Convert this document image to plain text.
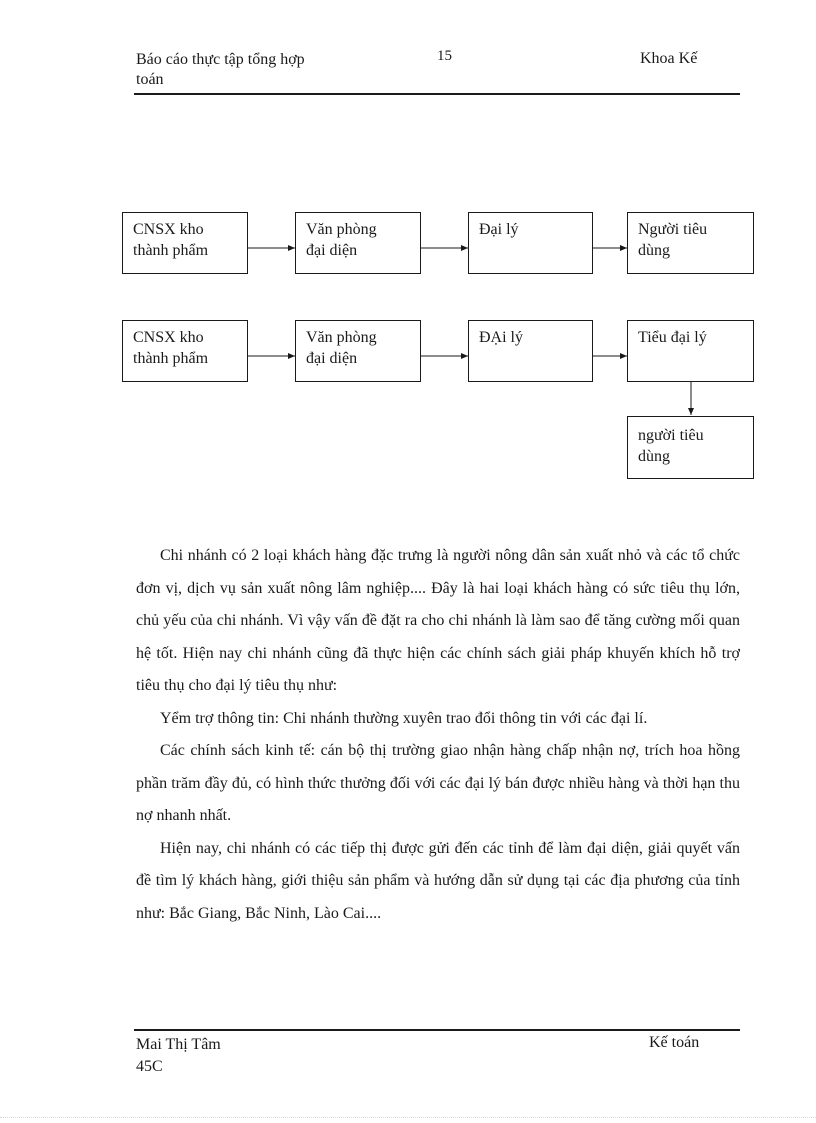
Báo cáo thực tập tổng hợp
toán
15	Khoa Kế
CNSX kho
thành phẩm
Văn phòng
đại diện
Đại lý	Người tiêu
dùng
CNSX kho
thành phẩm
Văn phòng
đại diện
ĐẠi lý	Tiểu đại lý
người tiêu
dùng

Chi nhánh có 2 loại khách hàng đặc trưng là người nông dân sản xuất nhỏ và các tổ chức đơn vị, dịch vụ sản xuất nông lâm nghiệp.... Đây là hai loại khách hàng có sức tiêu thụ lớn, chủ yếu của chi nhánh. Vì vậy vấn đề đặt ra cho chi nhánh là làm sao để tăng cường mối quan hệ tốt. Hiện nay chi nhánh cũng đã thực hiện các chính sách giải pháp khuyến khích hỗ trợ tiêu thụ cho đại lý tiêu thụ như:

Yểm trợ thông tin: Chi nhánh thường xuyên trao đổi thông tin với các đại lí.

Các chính sách kinh tế: cán bộ thị trường giao nhận hàng chấp nhận nợ, trích hoa hồng phần trăm đầy đủ, có hình thức thưởng đối với các đại lý bán được nhiều hàng và thời hạn thu nợ nhanh nhất.

Hiện nay, chi nhánh có các tiếp thị được gửi đến các tỉnh để làm đại diện, giải quyết vấn đề tìm lý khách hàng, giới thiệu sản phẩm và hướng dẫn sử dụng tại các địa phương của tỉnh như: Bắc Giang, Bắc Ninh, Lào Cai....

Mai Thị Tâm
45C
Kế toán
